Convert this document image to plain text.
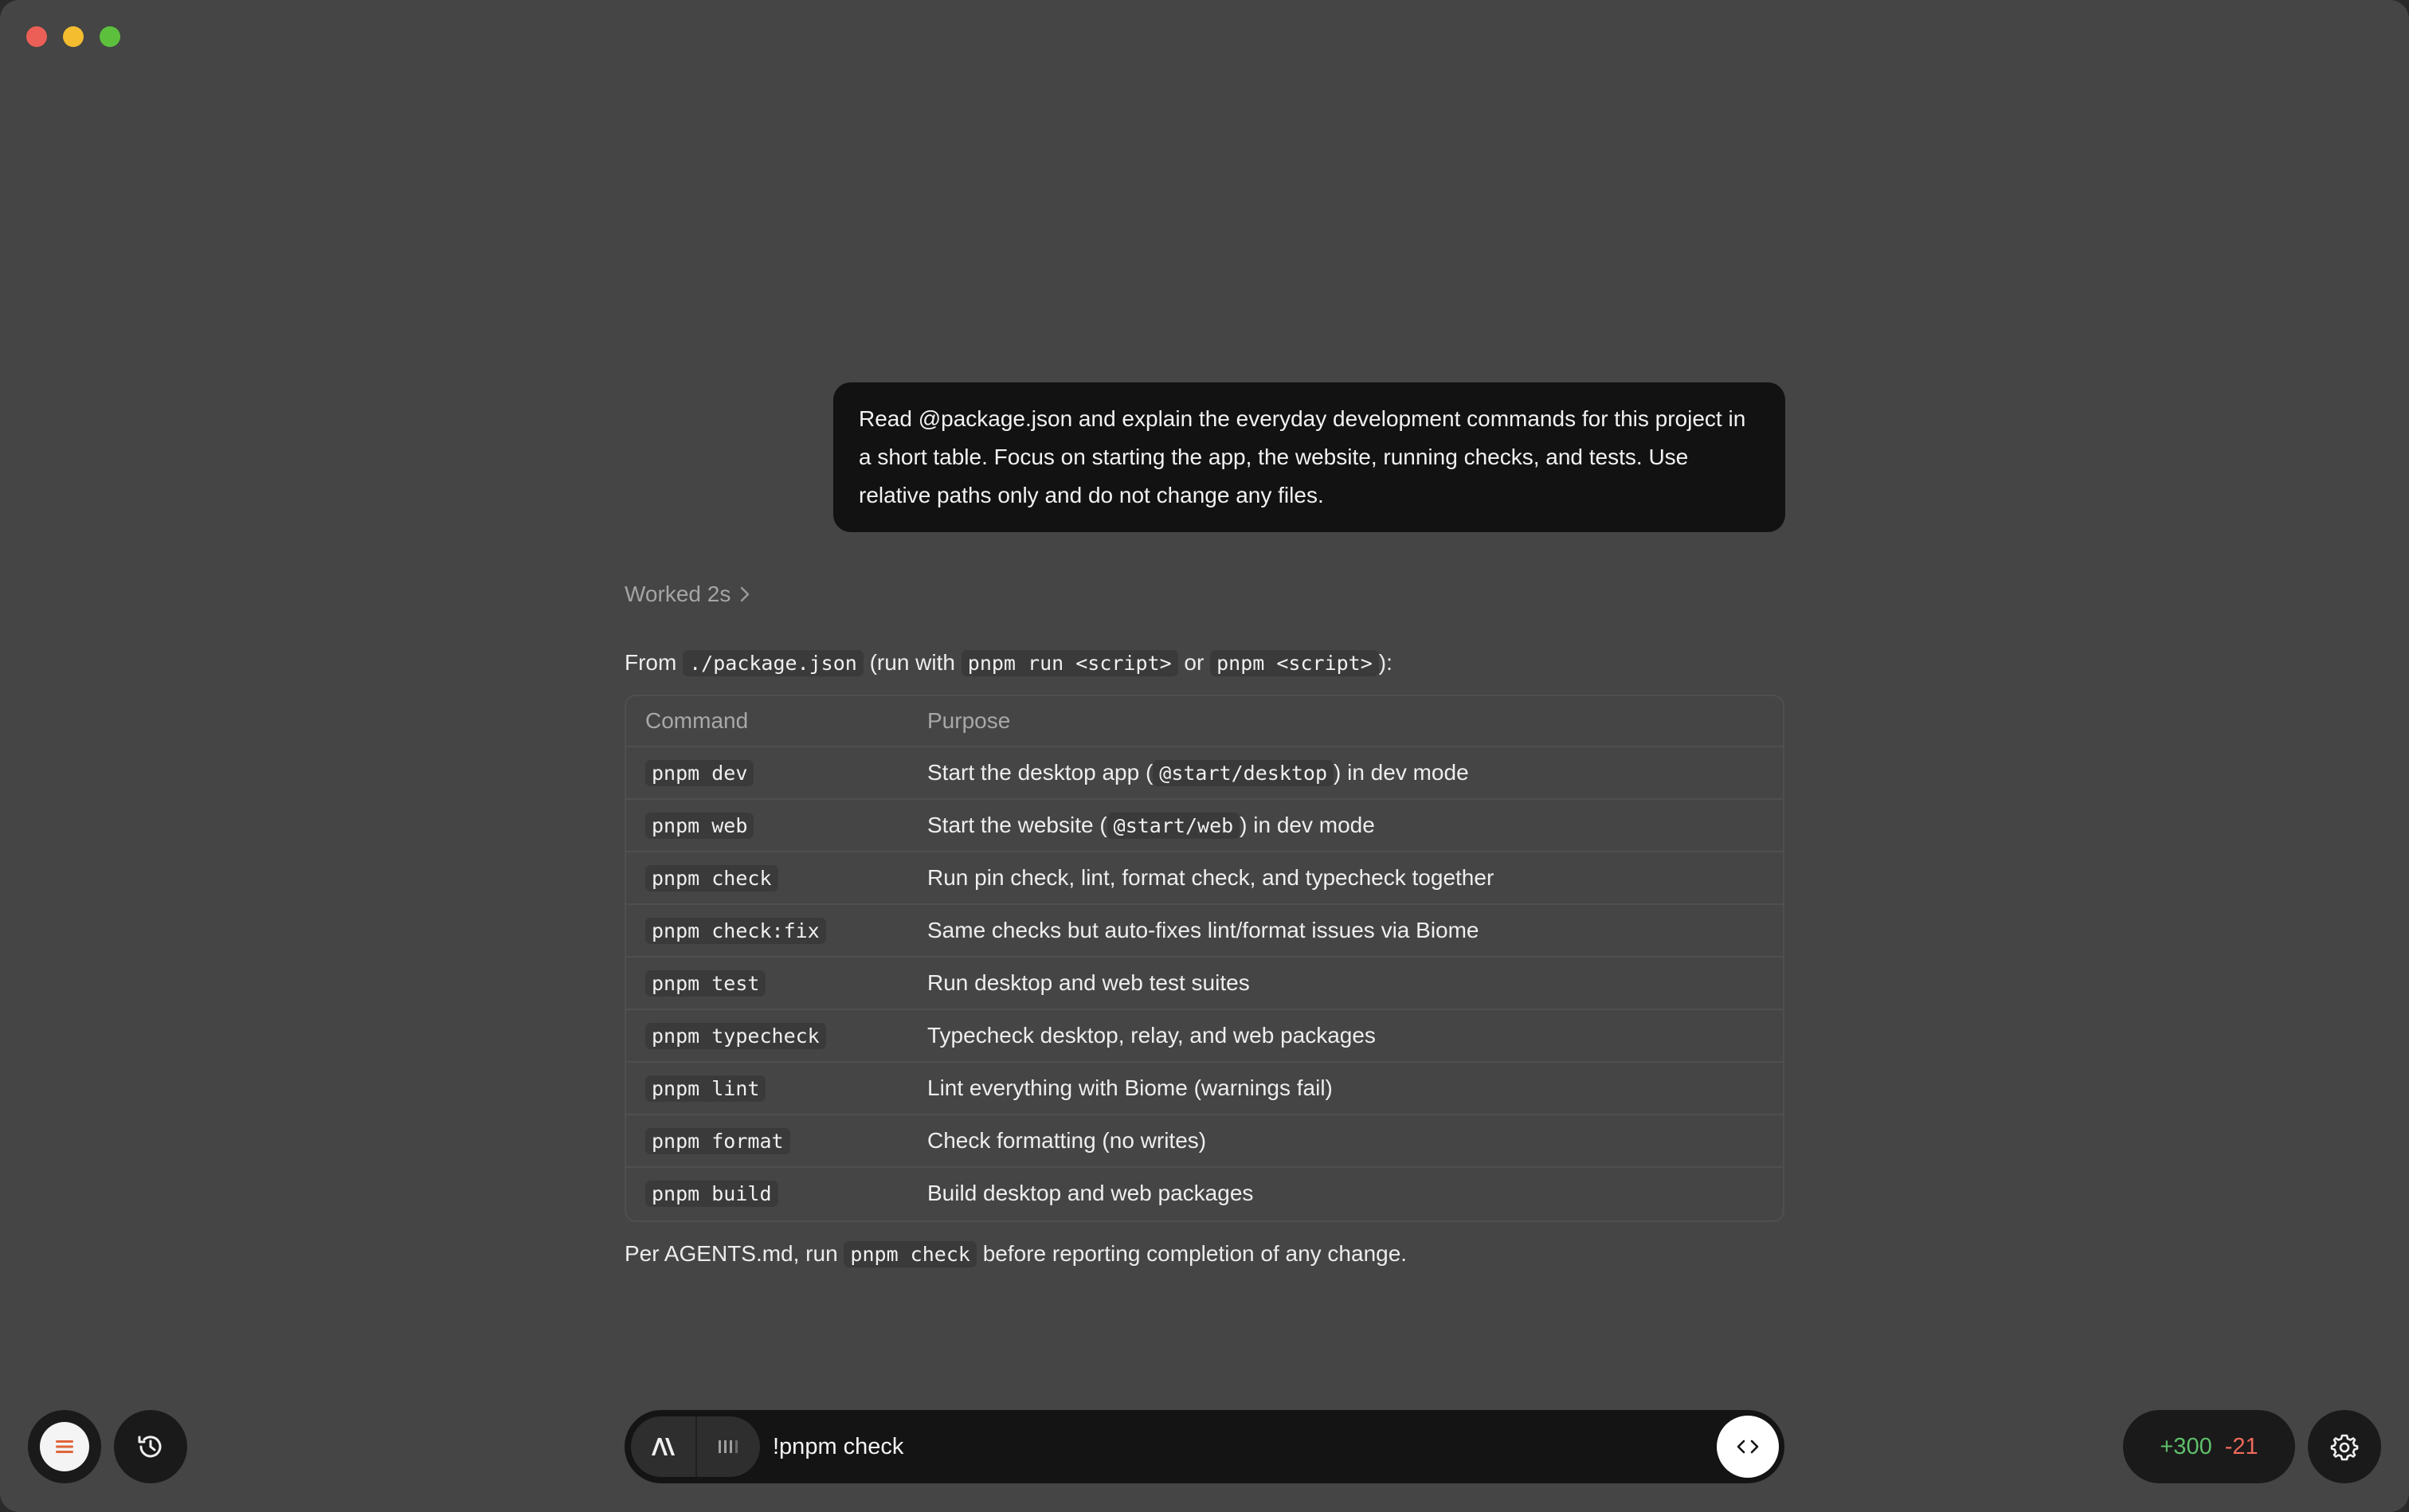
Read @package.json and explain the everyday development commands for this project in a short table. Focus on starting the app, the website, running checks, and tests. Use relative paths only and do not change any files.
Worked 2s
From ./package.json (run with pnpm run <script> or pnpm <script> ):
Command	Purpose
pnpm dev	Start the desktop app ( @start/desktop ) in dev mode
pnpm web	Start the website ( @start/web ) in dev mode
pnpm check	Run pin check, lint, format check, and typecheck together
pnpm check:fix	Same checks but auto-fixes lint/format issues via Biome
pnpm test	Run desktop and web test suites
pnpm typecheck	Typecheck desktop, relay, and web packages
pnpm lint	Lint everything with Biome (warnings fail)
pnpm format	Check formatting (no writes)
pnpm build	Build desktop and web packages
Per AGENTS.md, run pnpm check before reporting completion of any change.
!pnpm check
+300 -21
